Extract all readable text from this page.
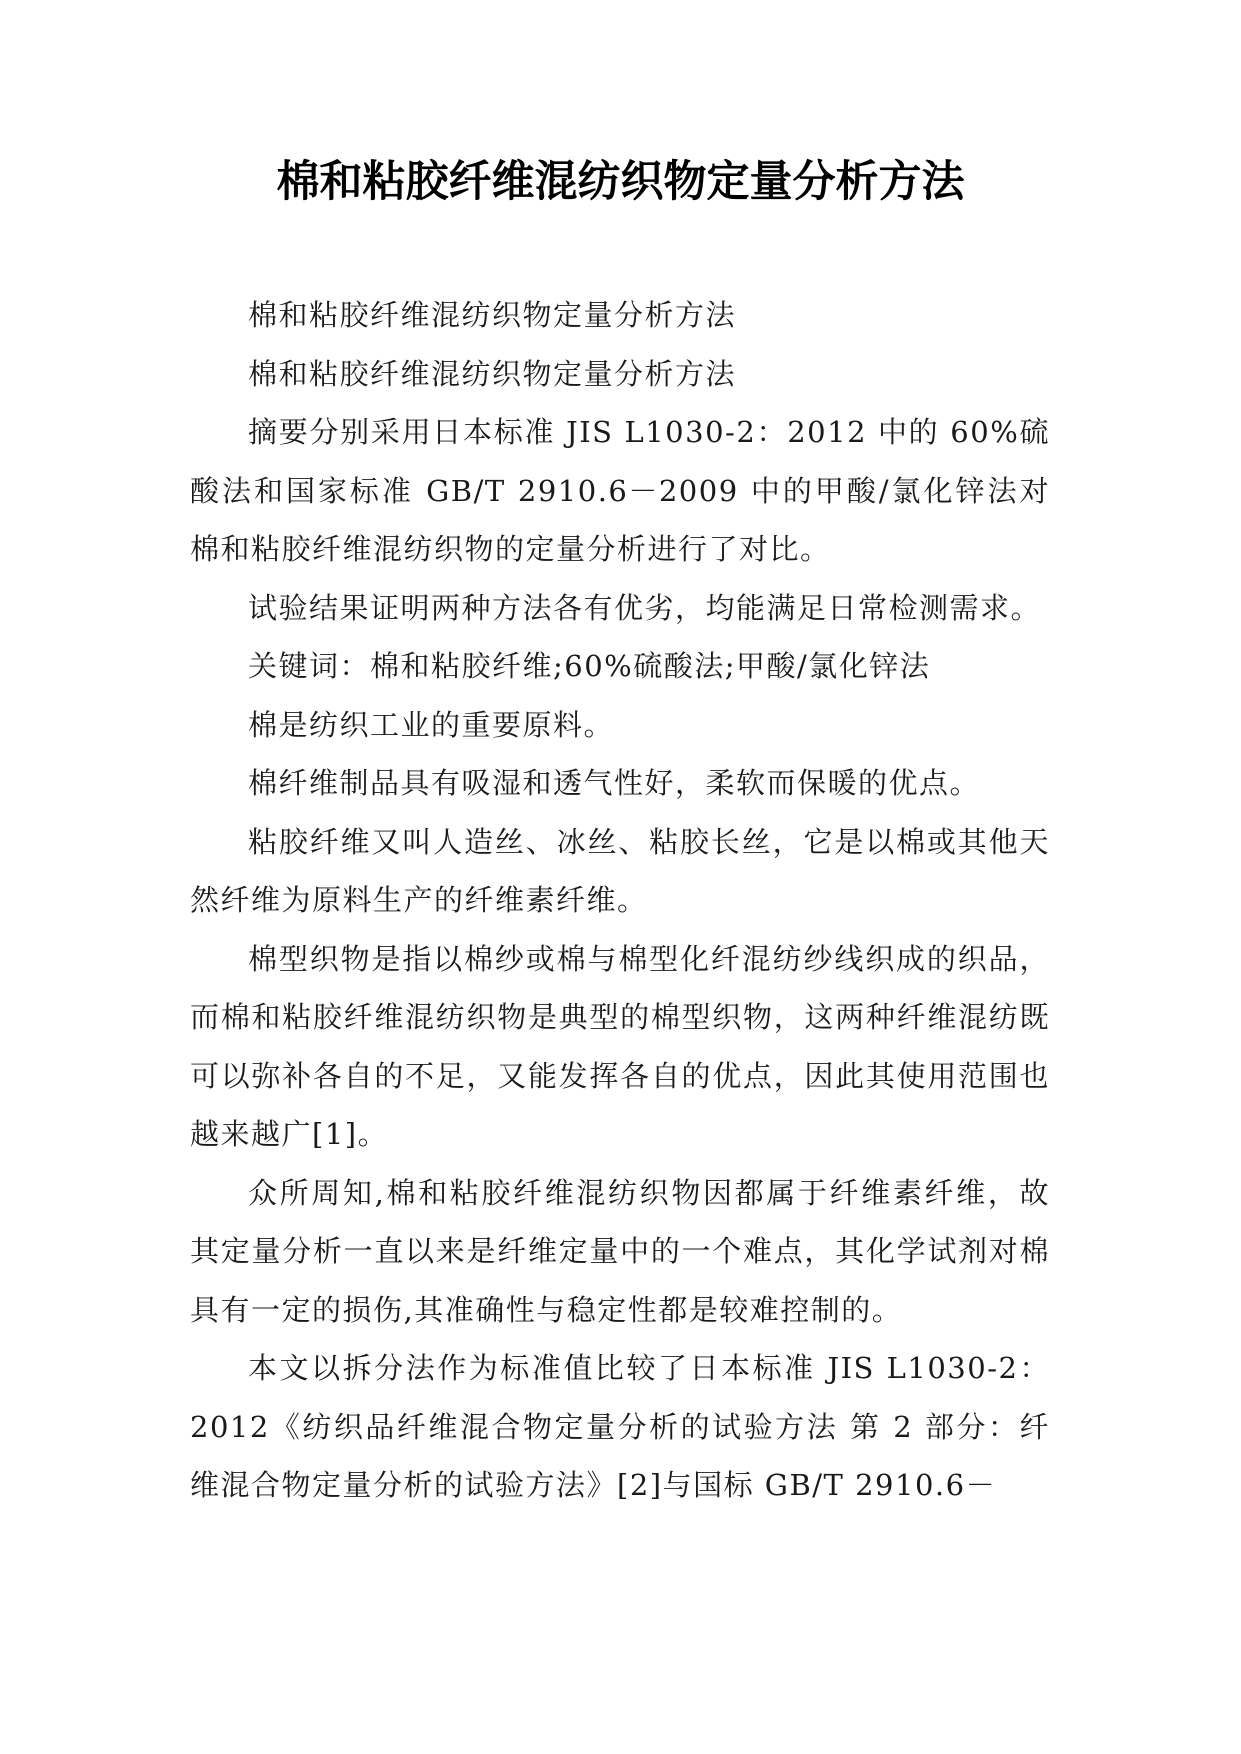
棉和粘胶纤维混纺织物定量分析方法

棉和粘胶纤维混纺织物定量分析方法

棉和粘胶纤维混纺织物定量分析方法

摘要分别采用日本标准 JIS L1030-2：2012 中的 60%硫酸法和国家标准 GB/T 2910.6－2009 中的甲酸/氯化锌法对棉和粘胶纤维混纺织物的定量分析进行了对比。

试验结果证明两种方法各有优劣，均能满足日常检测需求。

关键词：棉和粘胶纤维;60%硫酸法;甲酸/氯化锌法

棉是纺织工业的重要原料。

棉纤维制品具有吸湿和透气性好，柔软而保暖的优点。

粘胶纤维又叫人造丝、冰丝、粘胶长丝，它是以棉或其他天然纤维为原料生产的纤维素纤维。

棉型织物是指以棉纱或棉与棉型化纤混纺纱线织成的织品，而棉和粘胶纤维混纺织物是典型的棉型织物，这两种纤维混纺既可以弥补各自的不足，又能发挥各自的优点，因此其使用范围也越来越广[1]。

众所周知,棉和粘胶纤维混纺织物因都属于纤维素纤维，故其定量分析一直以来是纤维定量中的一个难点，其化学试剂对棉具有一定的损伤,其准确性与稳定性都是较难控制的。

本文以拆分法作为标准值比较了日本标准 JIS L1030-2：2012《纺织品纤维混合物定量分析的试验方法 第 2 部分：纤维混合物定量分析的试验方法》[2]与国标 GB/T 2910.6－
